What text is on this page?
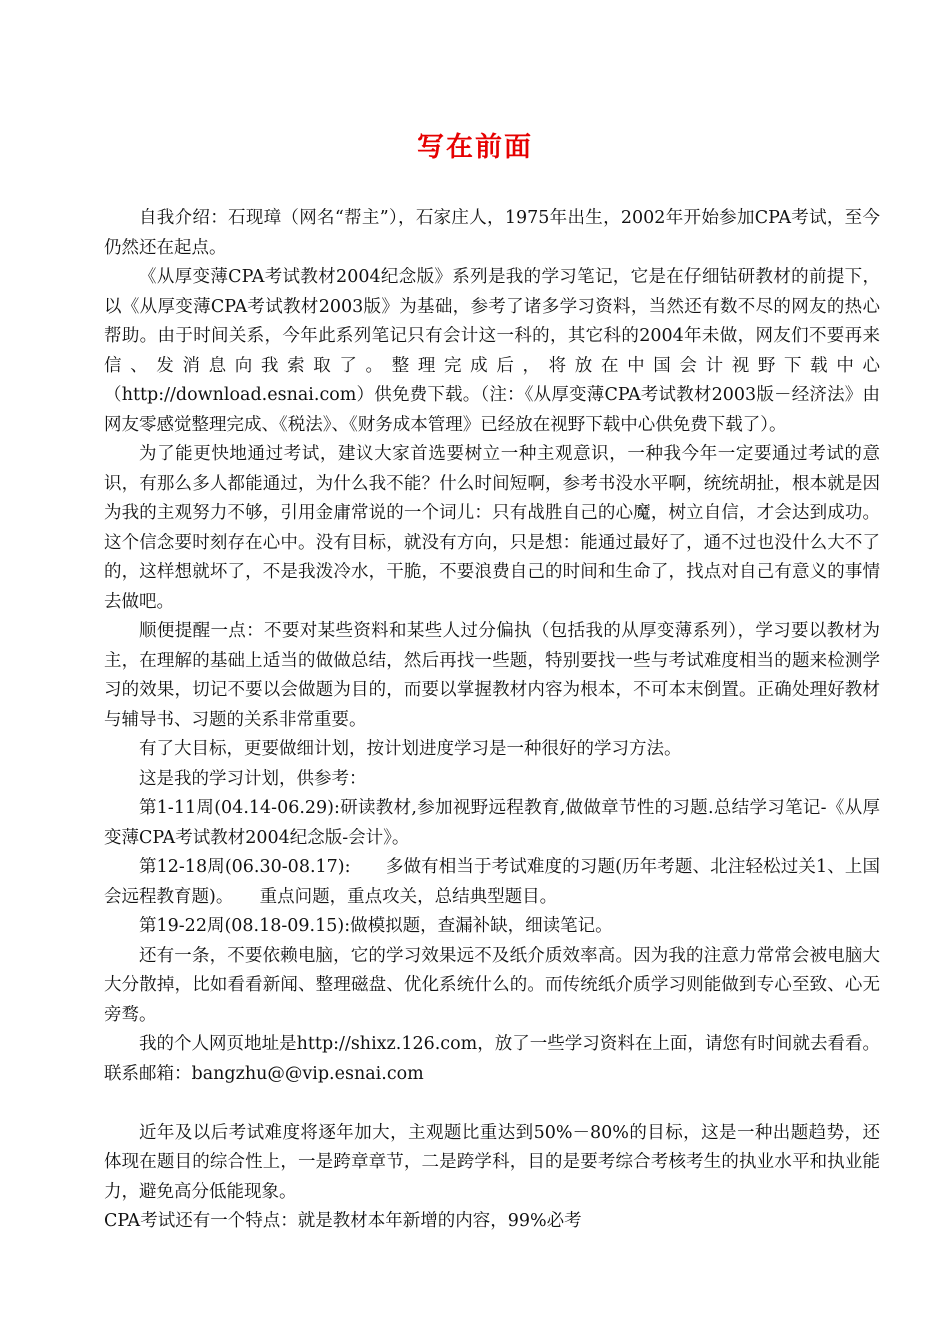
写在前面

自我介绍：石现璋（网名“帮主”），石家庄人，1975年出生，2002年开始参加CPA考试，至今仍然还在起点。

《从厚变薄CPA考试教材2004纪念版》系列是我的学习笔记，它是在仔细钻研教材的前提下，以《从厚变薄CPA考试教材2003版》为基础，参考了诸多学习资料，当然还有数不尽的网友的热心帮助。由于时间关系，今年此系列笔记只有会计这一科的，其它科的2004年未做，网友们不要再来信、发消息向我索取了。整理完成后，将放在中国会计视野下载中心（http://download.esnai.com）供免费下载。（注：《从厚变薄CPA考试教材2003版－经济法》由网友零感觉整理完成、《税法》、《财务成本管理》已经放在视野下载中心供免费下载了）。

为了能更快地通过考试，建议大家首选要树立一种主观意识，一种我今年一定要通过考试的意识，有那么多人都能通过，为什么我不能？什么时间短啊，参考书没水平啊，统统胡扯，根本就是因为我的主观努力不够，引用金庸常说的一个词儿：只有战胜自己的心魔，树立自信，才会达到成功。这个信念要时刻存在心中。没有目标，就没有方向，只是想：能通过最好了，通不过也没什么大不了的，这样想就坏了，不是我泼冷水，干脆，不要浪费自己的时间和生命了，找点对自己有意义的事情去做吧。

顺便提醒一点：不要对某些资料和某些人过分偏执（包括我的从厚变薄系列），学习要以教材为主，在理解的基础上适当的做做总结，然后再找一些题，特别要找一些与考试难度相当的题来检测学习的效果，切记不要以会做题为目的，而要以掌握教材内容为根本，不可本末倒置。正确处理好教材与辅导书、习题的关系非常重要。

有了大目标，更要做细计划，按计划进度学习是一种很好的学习方法。

这是我的学习计划，供参考：

第1-11周(04.14-06.29):研读教材,参加视野远程教育,做做章节性的习题.总结学习笔记-《从厚变薄CPA考试教材2004纪念版-会计》。

第12-18周(06.30-08.17):　　多做有相当于考试难度的习题(历年考题、北注轻松过关1、上国会远程教育题)。　　重点问题，重点攻关，总结典型题目。

第19-22周(08.18-09.15):做模拟题，查漏补缺，细读笔记。

还有一条，不要依赖电脑，它的学习效果远不及纸介质效率高。因为我的注意力常常会被电脑大大分散掉，比如看看新闻、整理磁盘、优化系统什么的。而传统纸介质学习则能做到专心至致、心无旁骛。

我的个人网页地址是http://shixz.126.com，放了一些学习资料在上面，请您有时间就去看看。联系邮箱：bangzhu@@vip.esnai.com

近年及以后考试难度将逐年加大，主观题比重达到50%－80%的目标，这是一种出题趋势，还体现在题目的综合性上，一是跨章章节，二是跨学科，目的是要考综合考核考生的执业水平和执业能力，避免高分低能现象。

CPA考试还有一个特点：就是教材本年新增的内容，99%必考
